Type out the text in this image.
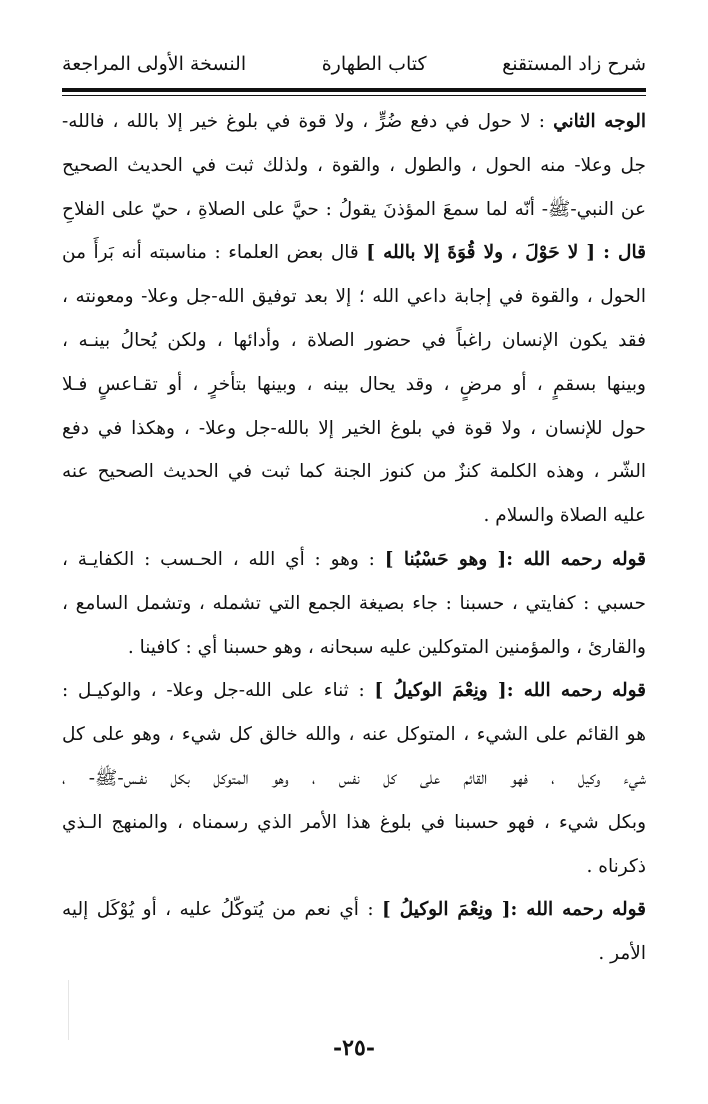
شرح زاد المستقنع
كتاب الطهارة
النسخة الأولى المراجعة
الوجه الثاني : لا حول في دفع ضُرٍّ ، ولا قوة في بلوغ خير إلا بالله ، فالله-
جل وعلا- منه الحول ، والطول ، والقوة ، ولذلك ثبت في الحديث الصحيح
عن النبي-ﷺ- أنّه لما سمعَ المؤذنَ يقولُ : حيَّ على الصلاةِ ، حيّ على الفلاحِ
قال : [ لا حَوْلَ ، ولا قُوَةَ إلا بالله ] قال بعض العلماء : مناسبته أنه بَرأَ من
الحول ، والقوة في إجابة داعي الله ؛ إلا بعد توفيق الله-جل وعلا- ومعونته ،
فقد يكون الإنسان راغباً في حضور الصلاة ، وأدائها ، ولكن يُحالُ بينـه ،
وبينها بسقمٍ ، أو مرضٍ ، وقد يحال بينه ، وبينها بتأخرٍ ، أو تقـاعسٍ فـلا
حول للإنسان ، ولا قوة في بلوغ الخير إلا بالله-جل وعلا- ، وهكذا في دفع
الشّر ، وهذه الكلمة كنزٌ من كنوز الجنة كما ثبت في الحديث الصحيح عنه
عليه الصلاة والسلام .
قوله رحمه الله :[ وهو حَسْبُنا ] : وهو : أي الله ، الحـسب : الكفايـة ،
حسبي : كفايتي ، حسبنا : جاء بصيغة الجمع التي تشمله ، وتشمل السامع ،
والقارئ ، والمؤمنين المتوكلين عليه سبحانه ، وهو حسبنا أي : كافينا .
قوله رحمه الله :[ ونِعْمَ الوكيلُ ] : ثناء على الله-جل وعلا- ، والوكيـل :
هو القائم على الشيء ، المتوكل عنه ، والله خالق كل شيء ، وهو على كل
شيء وكيل ، فهو القائم على كل نفس ، وهو المتوكل بكل نفـس-ﷺ- ،
وبكل شيء ، فهو حسبنا في بلوغ هذا الأمر الذي رسمناه ، والمنهج الـذي
ذكرناه .
قوله رحمه الله :[ ونِعْمَ الوكيلُ ] : أي نعم من يُتوكّلُ عليه ، أو يُوْكَل إليه
الأمر .
-٢٥-
